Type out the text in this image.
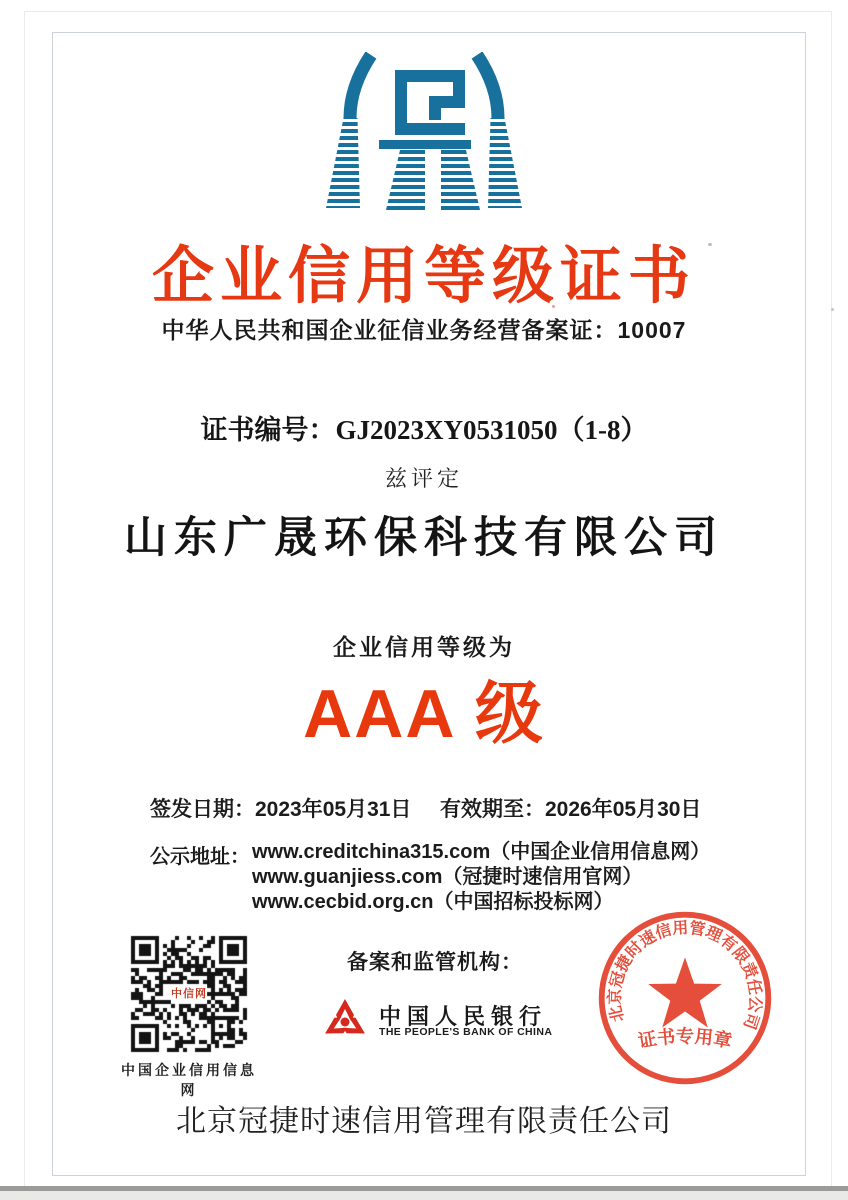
企业信用等级证书
中华人民共和国企业征信业务经营备案证：10007
证书编号：GJ2023XY0531050（1-8）
兹评定
山东广晟环保科技有限公司
企业信用等级为
AAA 级
签发日期：2023年05月31日 有效期至：2026年05月30日
公示地址： www.creditchina315.com（中国企业信用信息网）
www.guanjiess.com（冠捷时速信用官网）
www.cecbid.org.cn（中国招标投标网）
中信网
中国企业信用信息网
备案和监管机构：
中国人民银行
THE PEOPLE'S BANK OF CHINA
北京冠捷时速信用管理有限责任公司
证书专用章
北京冠捷时速信用管理有限责任公司
